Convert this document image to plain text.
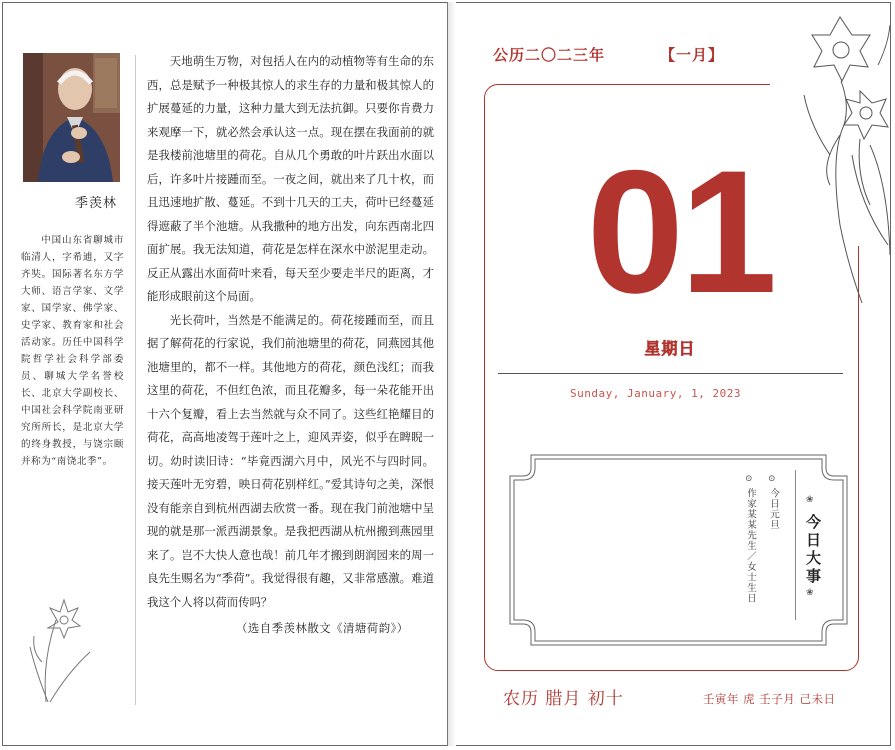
季羡林
中国山东省聊城市临清人，字希逋，又字齐奘。国际著名东方学大师、语言学家、文学家、国学家、佛学家、史学家、教育家和社会活动家。历任中国科学院哲学社会科学部委员、聊城大学名誉校长、北京大学副校长、中国社会科学院南亚研究所所长，是北京大学的终身教授，与饶宗颐并称为“南饶北季”。

天地萌生万物，对包括人在内的动植物等有生命的东西，总是赋予一种极其惊人的求生存的力量和极其惊人的扩展蔓延的力量，这种力量大到无法抗御。只要你肯费力来观摩一下，就必然会承认这一点。现在摆在我面前的就是我楼前池塘里的荷花。自从几个勇敢的叶片跃出水面以后，许多叶片接踵而至。一夜之间，就出来了几十枚，而且迅速地扩散、蔓延。不到十几天的工夫，荷叶已经蔓延得遮蔽了半个池塘。从我撒种的地方出发，向东西南北四面扩展。我无法知道，荷花是怎样在深水中淤泥里走动。反正从露出水面荷叶来看，每天至少要走半尺的距离，才能形成眼前这个局面。

光长荷叶，当然是不能满足的。荷花接踵而至，而且据了解荷花的行家说，我们前池塘里的荷花，同燕园其他池塘里的，都不一样。其他地方的荷花，颜色浅红；而我这里的荷花，不但红色浓，而且花瓣多，每一朵花能开出十六个复瓣，看上去当然就与众不同了。这些红艳耀目的荷花，高高地凌驾于莲叶之上，迎风弄姿，似乎在睥睨一切。幼时读旧诗：“毕竟西湖六月中，风光不与四时同。接天莲叶无穷碧，映日荷花别样红。”爱其诗句之美，深恨没有能亲自到杭州西湖去欣赏一番。现在我门前池塘中呈现的就是那一派西湖景象。是我把西湖从杭州搬到燕园里来了。岂不大快人意也哉！前几年才搬到朗润园来的周一良先生赐名为“季荷”。我觉得很有趣，又非常感激。难道我这个人将以荷而传吗？

（选自季羡林散文《清塘荷韵》）
公历二〇二三年	【一月】
01
星期日
Sunday, January, 1, 2023
❀
今日大事
❀
⊙
今日元旦
⊙
作家某某先生／女士生日
农历 腊月 初十	壬寅年 虎 壬子月 己未日
